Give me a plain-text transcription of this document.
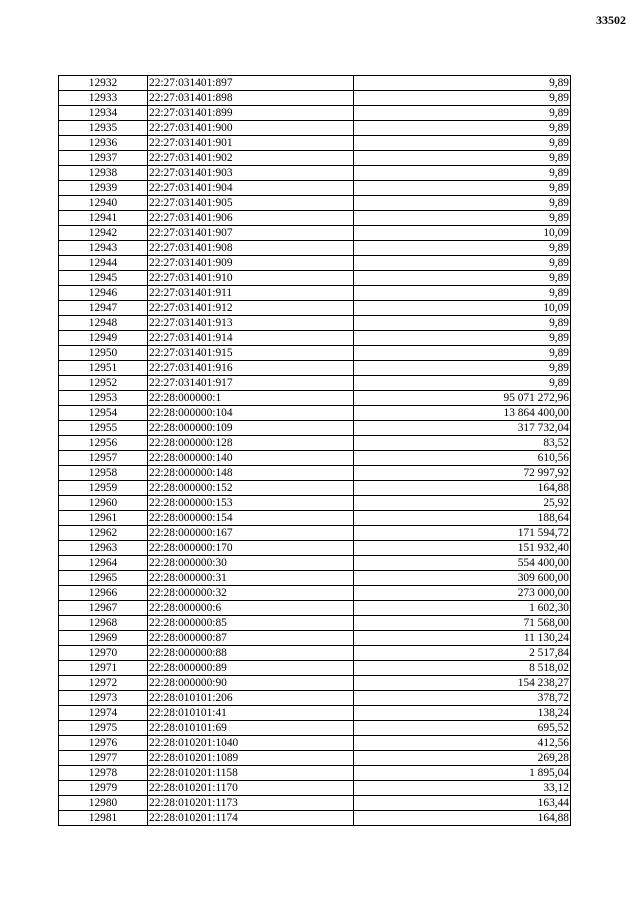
33502
12932	22:27:031401:897	9,89
12933	22:27:031401:898	9,89
12934	22:27:031401:899	9,89
12935	22:27:031401:900	9,89
12936	22:27:031401:901	9,89
12937	22:27:031401:902	9,89
12938	22:27:031401:903	9,89
12939	22:27:031401:904	9,89
12940	22:27:031401:905	9,89
12941	22:27:031401:906	9,89
12942	22:27:031401:907	10,09
12943	22:27:031401:908	9,89
12944	22:27:031401:909	9,89
12945	22:27:031401:910	9,89
12946	22:27:031401:911	9,89
12947	22:27:031401:912	10,09
12948	22:27:031401:913	9,89
12949	22:27:031401:914	9,89
12950	22:27:031401:915	9,89
12951	22:27:031401:916	9,89
12952	22:27:031401:917	9,89
12953	22:28:000000:1	95 071 272,96
12954	22:28:000000:104	13 864 400,00
12955	22:28:000000:109	317 732,04
12956	22:28:000000:128	83,52
12957	22:28:000000:140	610,56
12958	22:28:000000:148	72 997,92
12959	22:28:000000:152	164,88
12960	22:28:000000:153	25,92
12961	22:28:000000:154	188,64
12962	22:28:000000:167	171 594,72
12963	22:28:000000:170	151 932,40
12964	22:28:000000:30	554 400,00
12965	22:28:000000:31	309 600,00
12966	22:28:000000:32	273 000,00
12967	22:28:000000:6	1 602,30
12968	22:28:000000:85	71 568,00
12969	22:28:000000:87	11 130,24
12970	22:28:000000:88	2 517,84
12971	22:28:000000:89	8 518,02
12972	22:28:000000:90	154 238,27
12973	22:28:010101:206	378,72
12974	22:28:010101:41	138,24
12975	22:28:010101:69	695,52
12976	22:28:010201:1040	412,56
12977	22:28:010201:1089	269,28
12978	22:28:010201:1158	1 895,04
12979	22:28:010201:1170	33,12
12980	22:28:010201:1173	163,44
12981	22:28:010201:1174	164,88
